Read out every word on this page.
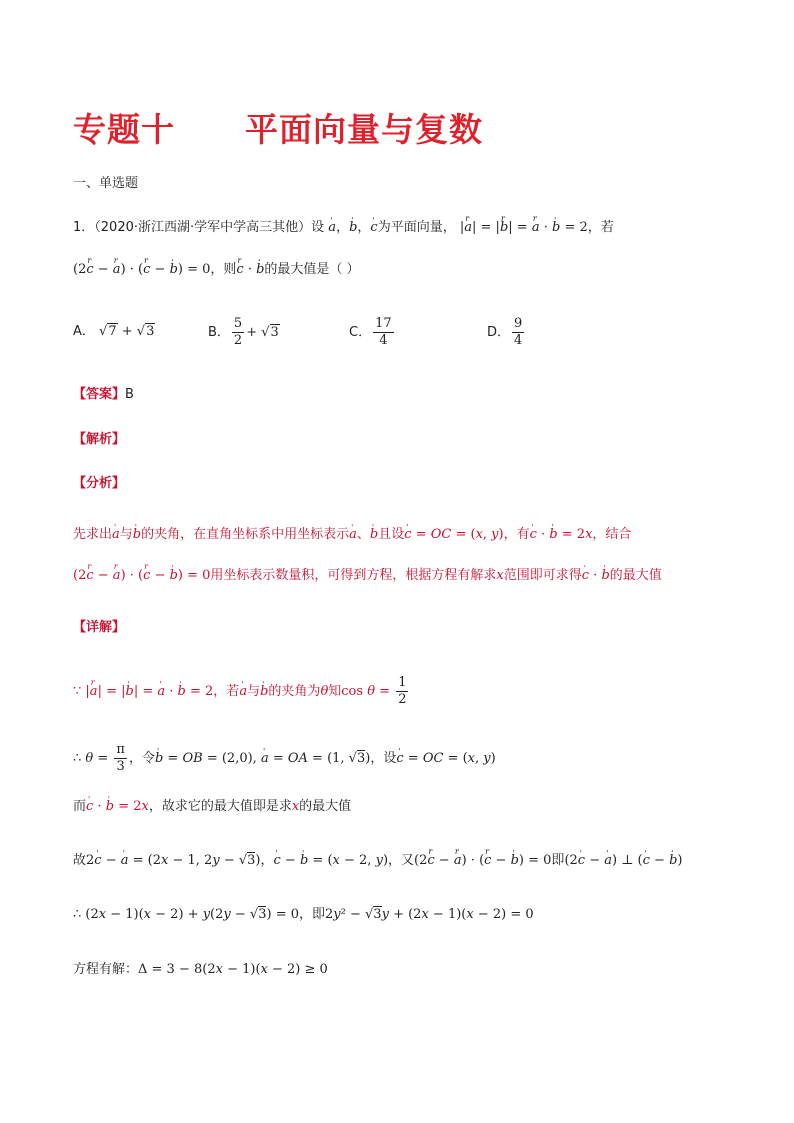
专题十 平面向量与复数
一、单选题
1．（2020·浙江西湖·学军中学高三其他）设 ' a，' b，' c为平面向量， |r a| = |r b| = r a · ' b = 2，若
(2r c − r a) · (r c − ' b) = 0，则r c · ' b的最大值是（ ）
A． √7 + √3	B． $\frac{5}{2} + √3$	C． $\frac{17}{4}$	D． $\frac{9}{4}$
【答案】B
【解析】
【分析】
先求出' a与' b的夹角，在直角坐标系中用坐标表示' a、' b且设' c = OC = (x, y)，有' c · ' b = 2x，结合
(2r c − r a) · (r c − ' b) = 0用坐标表示数量积，可得到方程，根据方程有解求x范围即可求得' c · ' b的最大值
【详解】
∵ |r a| = |' b| = ' a · ' b = 2，若' a与' b的夹角为θ知$\cos \theta = \frac{1}{2}$
∴ $\theta = \frac{\pi}{3}$ ，令' b = OB = (2,0), ' a = OA = (1, √3)，设' c = OC = (x, y)
而' c · ' b = 2x，故求它的最大值即是求x的最大值
故2' c − ' a = (2x − 1, 2y − √3)，' c − ' b = (x − 2, y)，又(2r c − r a) · (r c − ' b) = 0即(2' c − ' a) ⊥ (' c − ' b)
∴ (2x − 1)(x − 2) + y(2y − √3) = 0，即2y² − √3y + (2x − 1)(x − 2) = 0
方程有解：Δ = 3 − 8(2x − 1)(x − 2) ≥ 0
